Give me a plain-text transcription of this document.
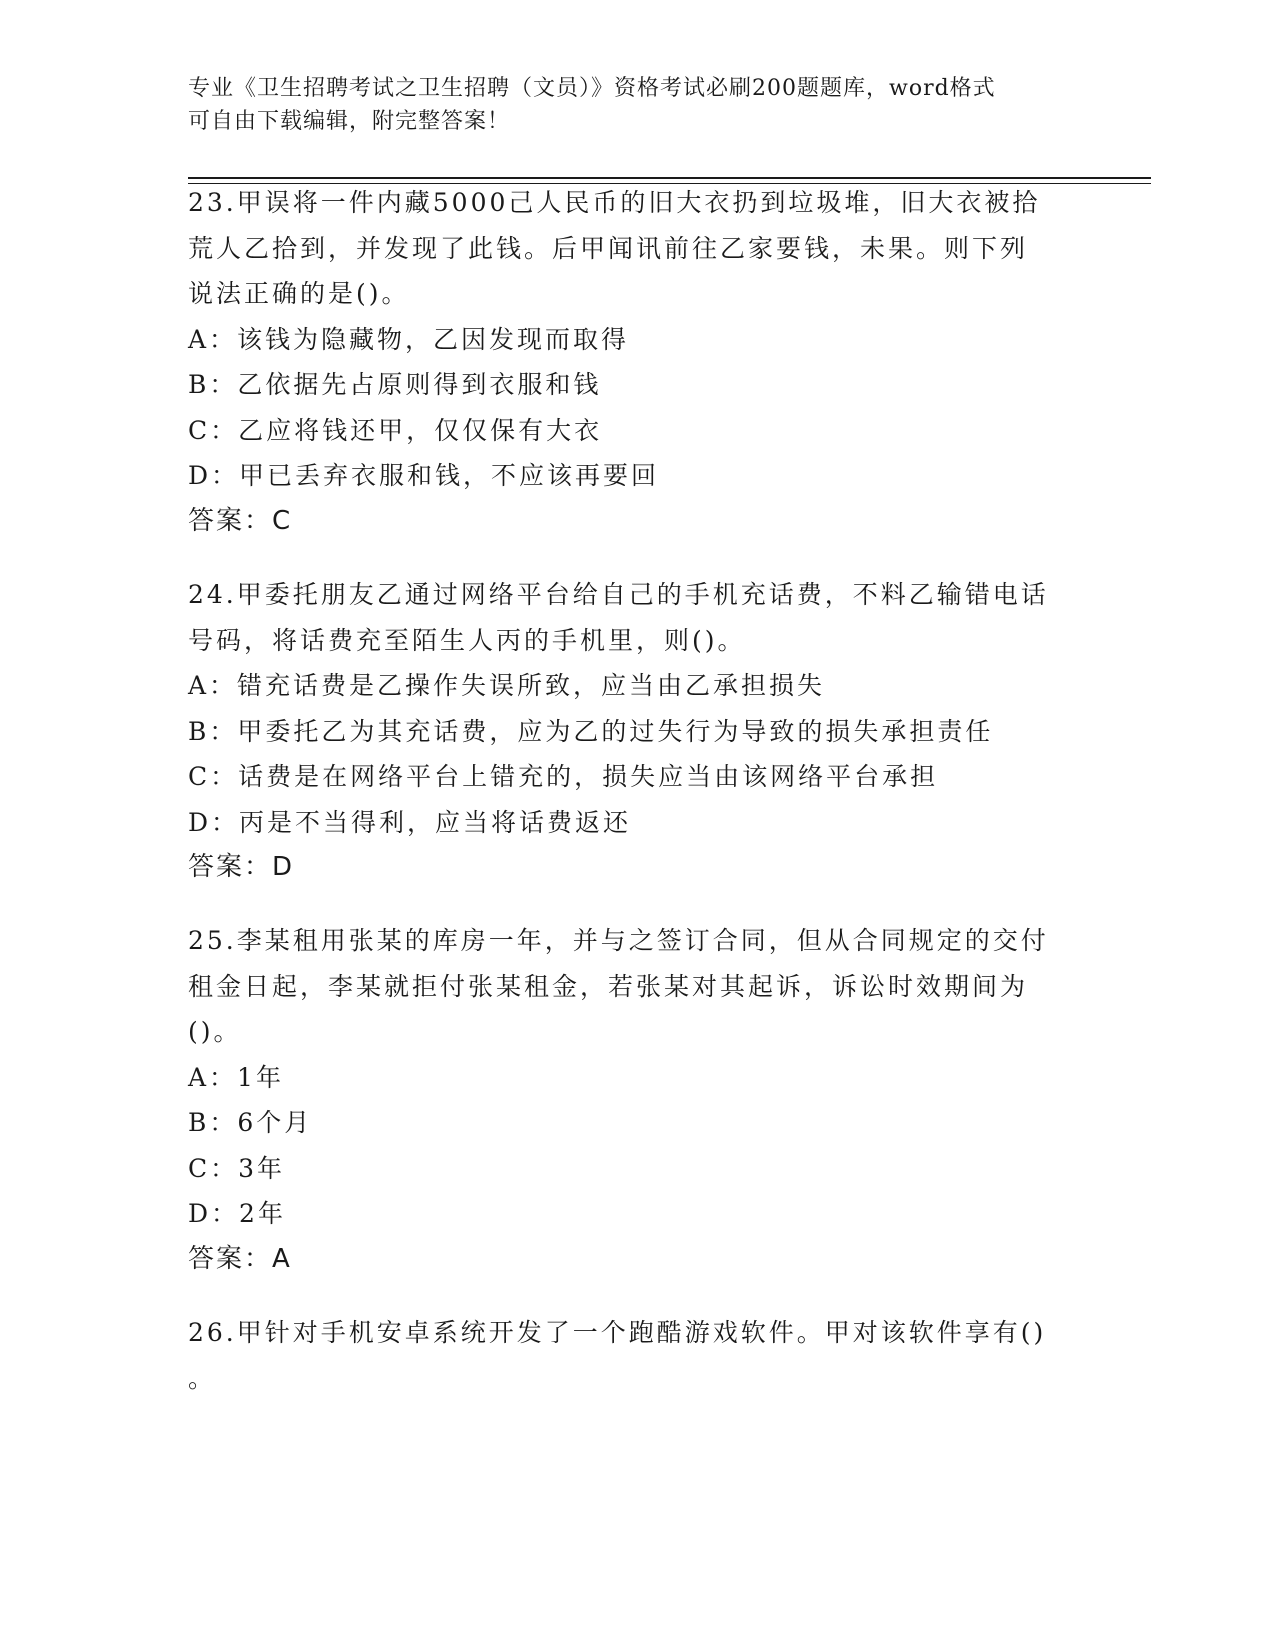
专业《卫生招聘考试之卫生招聘（文员）》资格考试必刷200题题库，word格式
可自由下载编辑，附完整答案！
23.甲误将一件内藏5000己人民币的旧大衣扔到垃圾堆，旧大衣被拾
荒人乙拾到，并发现了此钱。后甲闻讯前往乙家要钱，未果。则下列
说法正确的是()。
A：该钱为隐藏物，乙因发现而取得
B：乙依据先占原则得到衣服和钱
C：乙应将钱还甲，仅仅保有大衣
D：甲已丢弃衣服和钱，不应该再要回
答案：C
24.甲委托朋友乙通过网络平台给自己的手机充话费，不料乙输错电话
号码，将话费充至陌生人丙的手机里，则()。
A：错充话费是乙操作失误所致，应当由乙承担损失
B：甲委托乙为其充话费，应为乙的过失行为导致的损失承担责任
C：话费是在网络平台上错充的，损失应当由该网络平台承担
D：丙是不当得利，应当将话费返还
答案：D
25.李某租用张某的库房一年，并与之签订合同，但从合同规定的交付
租金日起，李某就拒付张某租金，若张某对其起诉，诉讼时效期间为
()。
A：1年
B：6个月
C：3年
D：2年
答案：A
26.甲针对手机安卓系统开发了一个跑酷游戏软件。甲对该软件享有()
。
